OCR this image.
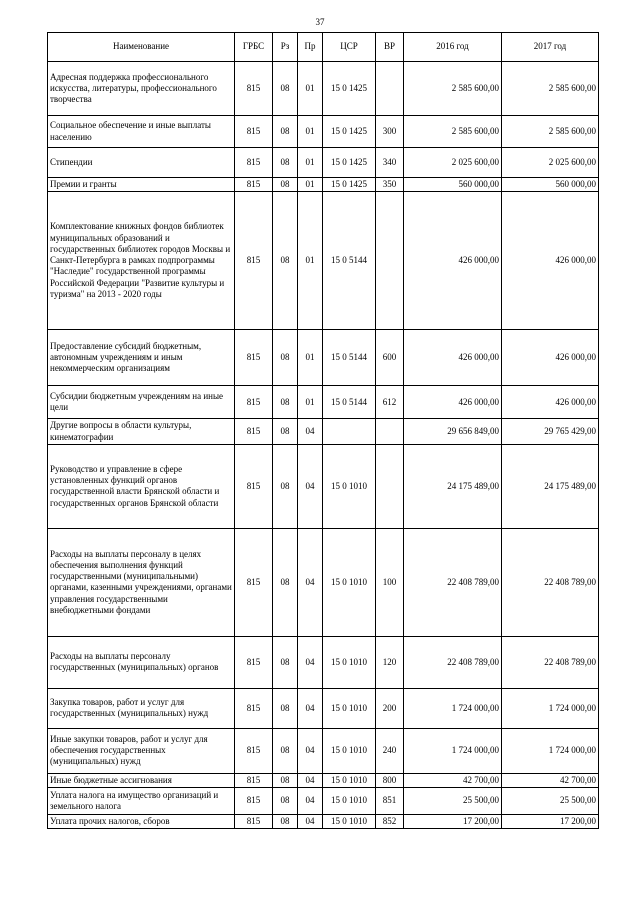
37
Наименование	ГРБС	Рз	Пр	ЦСР	ВР	2016 год	2017 год
Адресная поддержка профессионального искусства, литературы, профессионального творчества	815	08	01	15 0 1425		2 585 600,00	2 585 600,00
Социальное обеспечение и иные выплаты населению	815	08	01	15 0 1425	300	2 585 600,00	2 585 600,00
Стипендии	815	08	01	15 0 1425	340	2 025 600,00	2 025 600,00
Премии и гранты	815	08	01	15 0 1425	350	560 000,00	560 000,00
Комплектование книжных фондов библиотек муниципальных образований и государственных библиотек городов Москвы и Санкт-Петербурга в рамках подпрограммы "Наследие" государственной программы Российской Федерации "Развитие культуры и туризма" на 2013 - 2020 годы	815	08	01	15 0 5144		426 000,00	426 000,00
Предоставление субсидий бюджетным, автономным учреждениям и иным некоммерческим организациям	815	08	01	15 0 5144	600	426 000,00	426 000,00
Субсидии бюджетным учреждениям на иные цели	815	08	01	15 0 5144	612	426 000,00	426 000,00
Другие вопросы в области культуры, кинематографии	815	08	04			29 656 849,00	29 765 429,00
Руководство и управление в сфере установленных функций органов государственной власти Брянской области и государственных органов Брянской области	815	08	04	15 0 1010		24 175 489,00	24 175 489,00
Расходы на выплаты персоналу в целях обеспечения выполнения функций государственными (муниципальными) органами, казенными учреждениями, органами управления государственными внебюджетными фондами	815	08	04	15 0 1010	100	22 408 789,00	22 408 789,00
Расходы на выплаты персоналу государственных (муниципальных) органов	815	08	04	15 0 1010	120	22 408 789,00	22 408 789,00
Закупка товаров, работ и услуг для государственных (муниципальных) нужд	815	08	04	15 0 1010	200	1 724 000,00	1 724 000,00
Иные закупки товаров, работ и услуг для обеспечения государственных (муниципальных) нужд	815	08	04	15 0 1010	240	1 724 000,00	1 724 000,00
Иные бюджетные ассигнования	815	08	04	15 0 1010	800	42 700,00	42 700,00
Уплата налога на имущество организаций и земельного налога	815	08	04	15 0 1010	851	25 500,00	25 500,00
Уплата прочих налогов, сборов	815	08	04	15 0 1010	852	17 200,00	17 200,00
